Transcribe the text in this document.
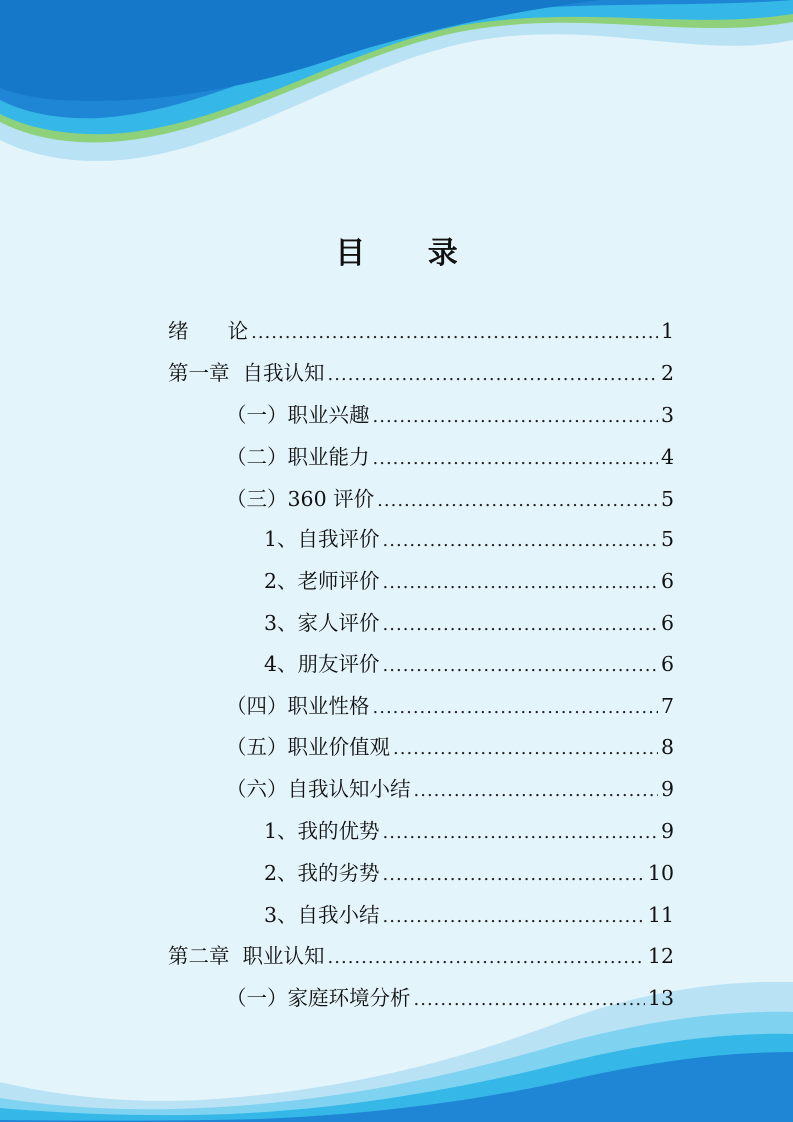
目 录
绪      论 .....	1
第一章  自我认知 .....	2
（一）职业兴趣 .....	3
（二）职业能力 .....	4
（三）360 评价 .....	5
1、自我评价 .....	5
2、老师评价 .....	6
3、家人评价 .....	6
4、朋友评价 .....	6
（四）职业性格 .....	7
（五）职业价值观 .....	8
（六）自我认知小结 .....	9
1、我的优势 .....	9
2、我的劣势 .....	10
3、自我小结 .....	11
第二章  职业认知 .....	12
（一）家庭环境分析 .....	13
